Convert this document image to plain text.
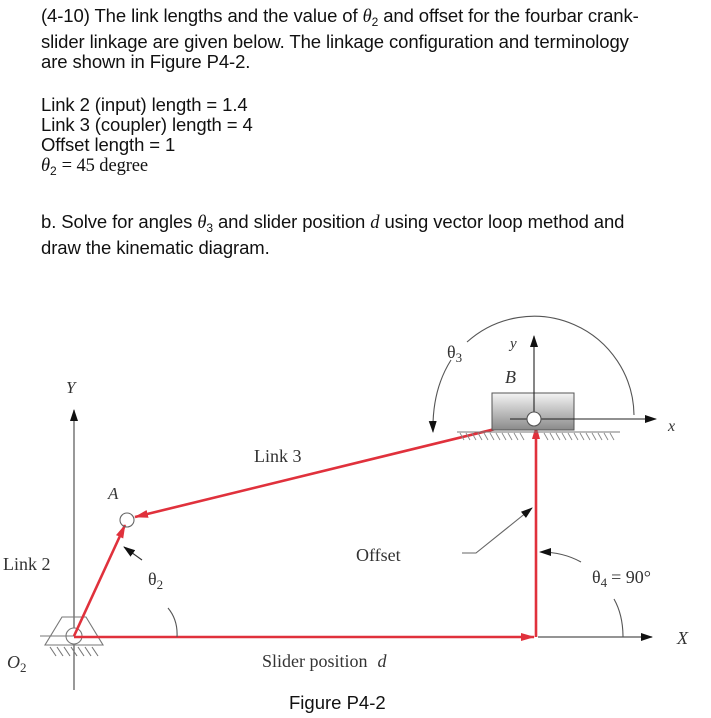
(4-10) The link lengths and the value of $\theta_2$ and offset for the fourbar crank-
slider linkage are given below. The linkage configuration and terminology
are shown in Figure P4-2.
Link 2 (input) length = 1.4
Link 3 (coupler) length = 4
Offset length = 1
$\theta_2 = 45$ degree
b. Solve for angles $\theta_3$ and slider position d using vector loop method and
draw the kinematic diagram.
Y
A
Link 2
$O_2$
$\theta_2$
Link 3
Offset
$\theta_3$
y
B
x
$\theta_4 = 90^\circ$
X
Slider position d
Figure P4-2
